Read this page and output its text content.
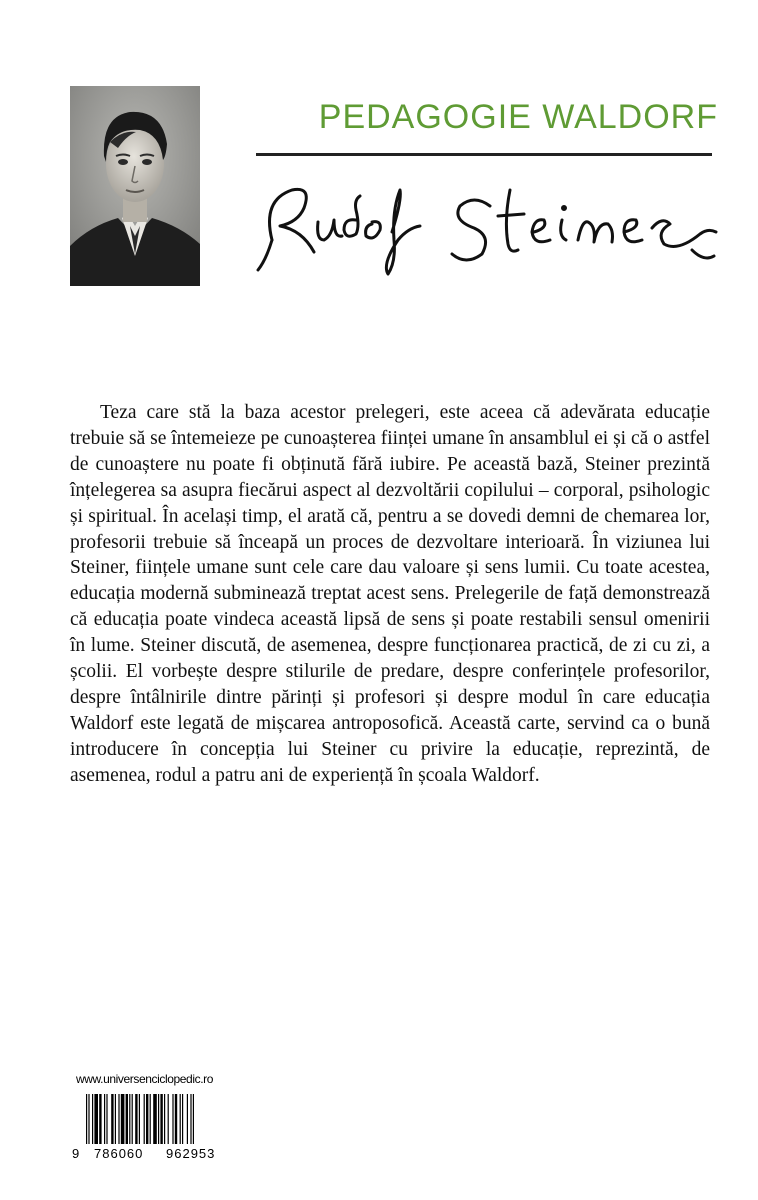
PEDAGOGIE WALDORF

Teza care stă la baza acestor prelegeri, este aceea că adevărata educație trebuie să se întemeieze pe cunoașterea ființei umane în ansamblul ei și că o astfel de cunoaștere nu poate fi obținută fără iubire. Pe această bază, Steiner prezintă înțelegerea sa asupra fiecărui aspect al dezvoltării copilului – corporal, psihologic și spiritual. În același timp, el arată că, pentru a se dovedi demni de chemarea lor, profesorii trebuie să înceapă un proces de dezvoltare interioară. În viziunea lui Steiner, ființele umane sunt cele care dau valoare și sens lumii. Cu toate acestea, educația modernă subminează treptat acest sens. Prelegerile de față demonstrează că educația poate vindeca această lipsă de sens și poate restabili sensul omenirii în lume. Steiner discută, de asemenea, despre funcționarea practică, de zi cu zi, a școlii. El vorbește despre stilurile de predare, despre conferințele profesorilor, despre întâlnirile dintre părinți și profesori și despre modul în care educația Waldorf este legată de mișcarea antroposofică. Această carte, servind ca o bună introducere în concepția lui Steiner cu privire la educație, reprezintă, de asemenea, rodul a patru ani de experiență în școala Waldorf.

www.universenciclopedic.ro
9 786060 962953
